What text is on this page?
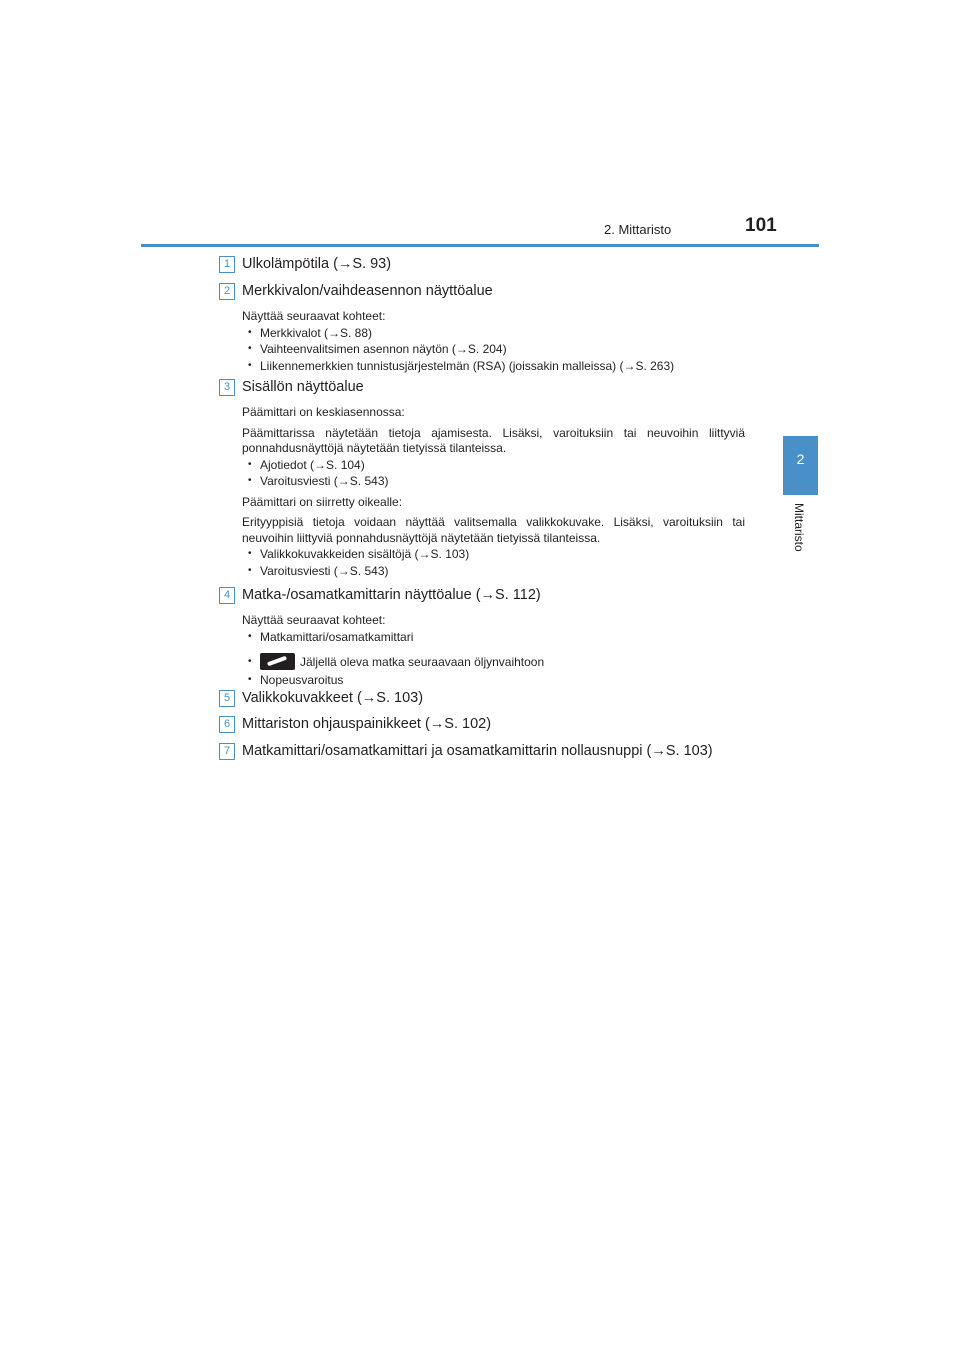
2. Mittaristo	101
2
Mittaristo
1 Ulkolämpötila (→S. 93)
2 Merkkivalon/vaihdeasennon näyttöalue

Näyttää seuraavat kohteet:

• Merkkivalot (→S. 88)
• Vaihteenvalitsimen asennon näytön (→S. 204)
• Liikennemerkkien tunnistusjärjestelmän (RSA) (joissakin malleissa) (→S. 263)
3 Sisällön näyttöalue

Päämittari on keskiasennossa:

Päämittarissa näytetään tietoja ajamisesta. Lisäksi, varoituksiin tai neuvoihin liittyviä ponnahdusnäyttöjä näytetään tietyissä tilanteissa.

• Ajotiedot (→S. 104)
• Varoitusviesti (→S. 543)

Päämittari on siirretty oikealle:

Erityyppisiä tietoja voidaan näyttää valitsemalla valikkokuvake. Lisäksi, varoituksiin tai neuvoihin liittyviä ponnahdusnäyttöjä näytetään tietyissä tilanteissa.

• Valikkokuvakkeiden sisältöjä (→S. 103)
• Varoitusviesti (→S. 543)
4 Matka-/osamatkamittarin näyttöalue (→S. 112)

Näyttää seuraavat kohteet:

• Matkamittari/osamatkamittari
• Jäljellä oleva matka seuraavaan öljynvaihtoon
• Nopeusvaroitus
5 Valikkokuvakkeet (→S. 103)
6 Mittariston ohjauspainikkeet (→S. 102)
7 Matkamittari/osamatkamittari ja osamatkamittarin nollausnuppi (→S. 103)
